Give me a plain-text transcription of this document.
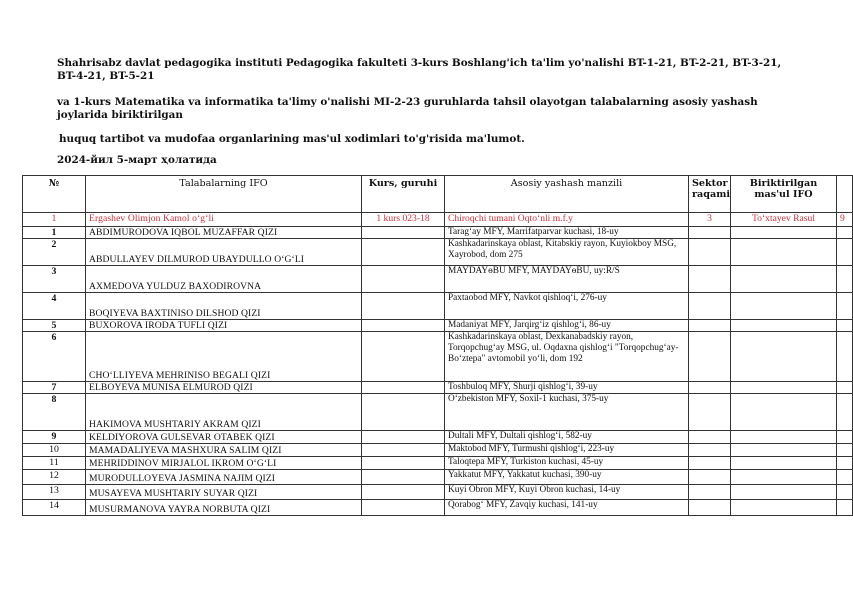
Shahrisabz davlat pedagogika instituti Pedagogika fakulteti 3-kurs Boshlang'ich ta'lim yo'nalishi BT-1-21, BT-2-21, BT-3-21, BT-4-21, BT-5-21
va 1-kurs Matematika va informatika ta'limy o'nalishi MI-2-23 guruhlarda tahsil olayotgan talabalarning asosiy yashash joylarida biriktirilgan
huquq tartibot va mudofaa organlarining mas'ul xodimlari to'g'risida ma'lumot.
2024-йил 5-март ҳолатида
№	Talabalarning IFO	Kurs, guruhi	Asosiy yashash manzili	Sektor raqami	Biriktirilgan mas'ul IFO	
1	Ergashev Olimjon Kamol o‘g‘li	1 kurs 023-18	Chiroqchi tumani Oqto‘nli m.f.y	3	To‘xtayev Rasul	9
1	ABDIMURODOVA IQBOL MUZAFFAR QIZI		Tarag‘ay MFY, Marrifatparvar kuchasi, 18-uy			
2	ABDULLAYEV DILMUROD UBAYDULLO O‘G‘LI		Kashkadarinskaya oblast, Kitabskiy rayon, Kuyiokboy MSG, Xayrobod, dom 275			
3	AXMEDOVA YULDUZ BAXODIROVNA		MAYDAYөBU MFY, MAYDAYөBU, uy:R/S			
4	BOQIYEVA BAXTINISO DILSHOD QIZI		Paxtaobod MFY, Navkot qishloq‘i, 276-uy			
5	BUXOROVA IRODA TUFLI QIZI		Madaniyat MFY, Jarqirg‘iz qishlog‘i, 86-uy			
6	CHO‘LLIYEVA MEHRINISO BEGALI QIZI		Kashkadarinskaya oblast, Dexkanabadskiy rayon, Torqopchug‘ay MSG, ul. Oqdaxna qishlog‘i "Torqopchug‘ay-Bo‘ztepa" avtomobil yo‘li, dom 192			
7	ELBOYEVA MUNISA ELMUROD QIZI		Toshbuloq MFY, Shurji qishlog‘i, 39-uy			
8	HAKIMOVA MUSHTARIY AKRAM QIZI		O‘zbekiston MFY, Soxil-1 kuchasi, 375-uy			
9	KELDIYOROVA GULSEVAR OTABEK QIZI		Dultali MFY, Dultali qishlog‘i, 582-uy			
10	MAMADALIYEVA MASHXURA SALIM QIZI		Maktobod MFY, Turmushi qishlog‘i, 223-uy			
11	MEHRIDDINOV MIRJALOL IKROM O‘G‘LI		Taloqtepa MFY, Turkiston kuchasi, 45-uy			
12	MURODULLOYEVA JASMINA NAJIM QIZI		Yakkatut MFY, Yakkatut kuchasi, 390-uy			
13	MUSAYEVA MUSHTARIY SUYAR QIZI		Kuyi Obron MFY, Kuyi Obron kuchasi, 14-uy			
14	MUSURMANOVA YAYRA NORBUTA QIZI		Qorabog‘ MFY, Zavqiy kuchasi, 141-uy			
